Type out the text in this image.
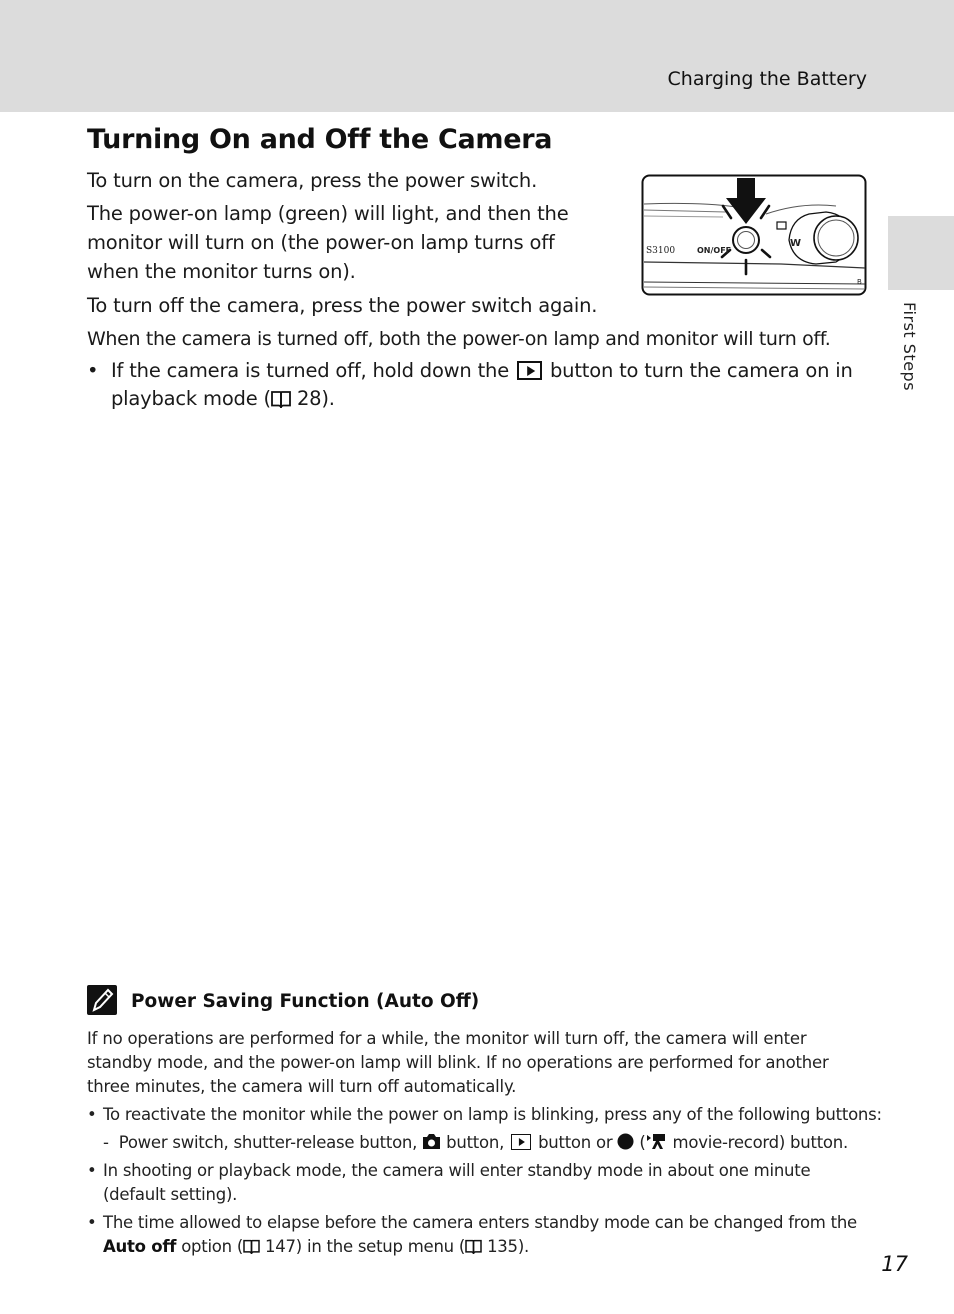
Charging the Battery
First Steps
Turning On and Off the Camera

To turn on the camera, press the power switch.

The power-on lamp (green) will light, and then the monitor will turn on (the power-on lamp turns off when the monitor turns on).

To turn off the camera, press the power switch again.

When the camera is turned off, both the power-on lamp and monitor will turn off.

• If the camera is turned off, hold down the button to turn the camera on in playback mode ( 28).
S3100	ON/OFF
W
B
Power Saving Function (Auto Off)

If no operations are performed for a while, the monitor will turn off, the camera will enter standby mode, and the power-on lamp will blink. If no operations are performed for another three minutes, the camera will turn off automatically.

• To reactivate the monitor while the power on lamp is blinking, press any of the following buttons:
- Power switch, shutter-release button, button, button or ( movie-record) button.
• In shooting or playback mode, the camera will enter standby mode in about one minute (default setting).
• The time allowed to elapse before the camera enters standby mode can be changed from the Auto off option ( 147) in the setup menu ( 135).
17
